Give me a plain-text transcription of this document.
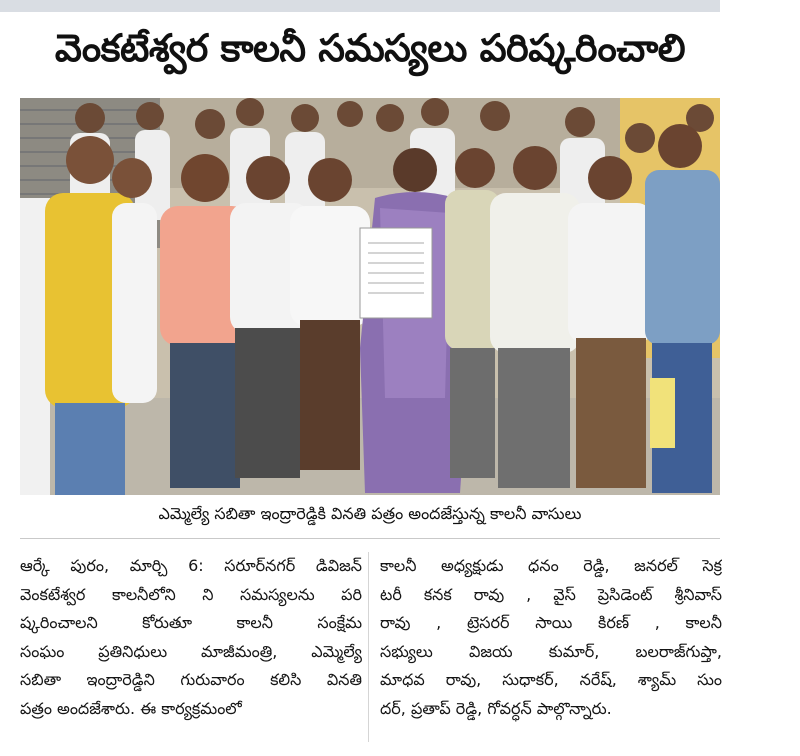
వెంకటేశ్వర కాలనీ సమస్యలు పరిష్కరించాలి
ఎమ్మెల్యే సబితా ఇంద్రారెడ్డికి వినతి పత్రం అందజేస్తున్న కాలనీ వాసులు
ఆర్కే పురం, మార్చి 6: సరూర్‌నగర్ డివిజన్
వెంకటేశ్వర కాలనీలోని ని సమస్యలను పరి
ష్కరించాలని కోరుతూ కాలనీ సంక్షేమ
సంఘం ప్రతినిధులు మాజీమంత్రి, ఎమ్మెల్యే
సబితా ఇంద్రారెడ్డిని గురువారం కలిసి వినతి
పత్రం అందజేశారు. ఈ కార్యక్రమంలో
కాలనీ అధ్యక్షుడు ధనం రెడ్డి, జనరల్ సెక్ర
టరీ కనక రావు , వైస్ ప్రెసిడెంట్ శ్రీనివాస్
రావు , ట్రెసరర్ సాయి కిరణ్ , కాలనీ
సభ్యులు విజయ కుమార్, బలరాజ్‌గుప్తా,
మాధవ రావు, సుధాకర్, నరేష్, శ్యామ్ సుం
దర్, ప్రతాప్ రెడ్డి, గోవర్ధన్ పాల్గొన్నారు.
